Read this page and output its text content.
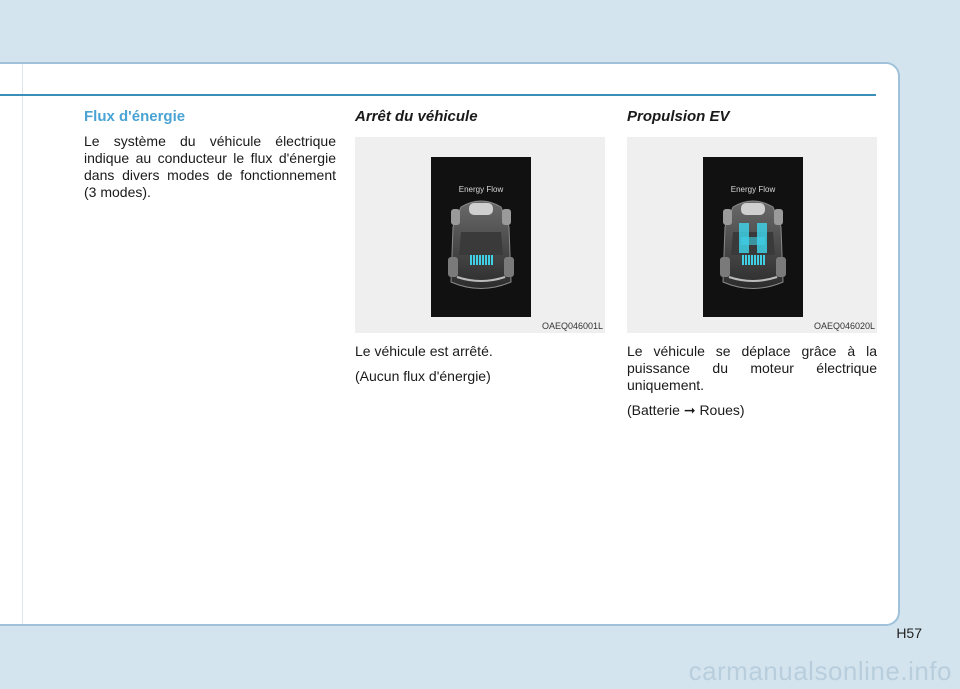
Flux d'énergie

Le système du véhicule électrique indique au conducteur le flux d'énergie dans divers modes de fonctionnement (3 modes).

Arrêt du véhicule
Energy Flow
OAEQ046001L

Le véhicule est arrêté.

(Aucun flux d'énergie)

Propulsion EV
Energy Flow
OAEQ046020L

Le véhicule se déplace grâce à la puissance du moteur électrique uniquement.

(Batterie ➞ Roues)

H57
carmanualsonline.info
